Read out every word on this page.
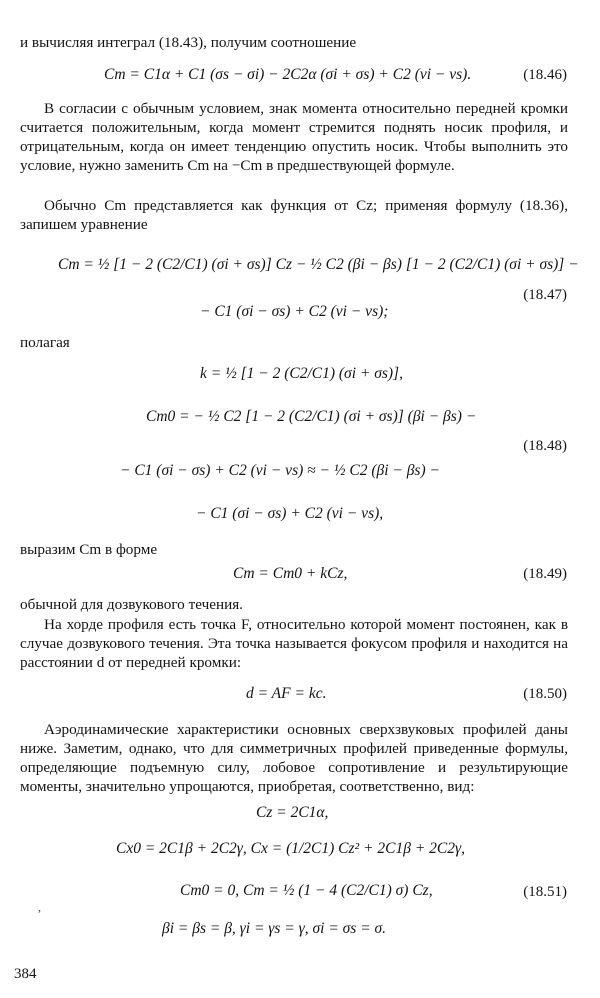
и вычисляя интеграл (18.43), получим соотношение
Cm = C1α + C1 (σs − σi) − 2C2α (σi + σs) + C2 (νi − νs).	(18.46)
В согласии с обычным условием, знак момента относительно передней кромки считается положительным, когда момент стремится поднять носик профиля, и отрицательным, когда он имеет тенденцию опустить носик. Чтобы выполнить это условие, нужно заменить Cm на −Cm в предшествующей формуле.
Обычно Cm представляется как функция от Cz; применяя формулу (18.36), запишем уравнение
Cm = ½ [1 − 2 (C2/C1) (σi + σs)] Cz − ½ C2 (βi − βs) [1 − 2 (C2/C1) (σi + σs)] −
(18.47)
− C1 (σi − σs) + C2 (νi − νs);
полагая
k = ½ [1 − 2 (C2/C1) (σi + σs)],
Cm0 = − ½ C2 [1 − 2 (C2/C1) (σi + σs)] (βi − βs) −
(18.48)
− C1 (σi − σs) + C2 (νi − νs) ≈ − ½ C2 (βi − βs) −
− C1 (σi − σs) + C2 (νi − νs),
выразим Cm в форме
Cm = Cm0 + kCz,	(18.49)
обычной для дозвукового течения.
На хорде профиля есть точка F, относительно которой момент постоянен, как в случае дозвукового течения. Эта точка называется фокусом профиля и находится на расстоянии d от передней кромки:
d = AF = kc.	(18.50)
Аэродинамические характеристики основных сверхзвуковых профилей даны ниже. Заметим, однако, что для симметричных профилей приведенные формулы, определяющие подъемную силу, лобовое сопротивление и результирующие моменты, значительно упрощаются, приобретая, соответственно, вид:
Cz = 2C1α,
Cx0 = 2C1β + 2C2γ, Cx = (1/2C1) Cz² + 2C1β + 2C2γ,
Cm0 = 0, Cm = ½ (1 − 4 (C2/C1) σ) Cz,	(18.51)
βi = βs = β, γi = γs = γ, σi = σs = σ.
,
384
